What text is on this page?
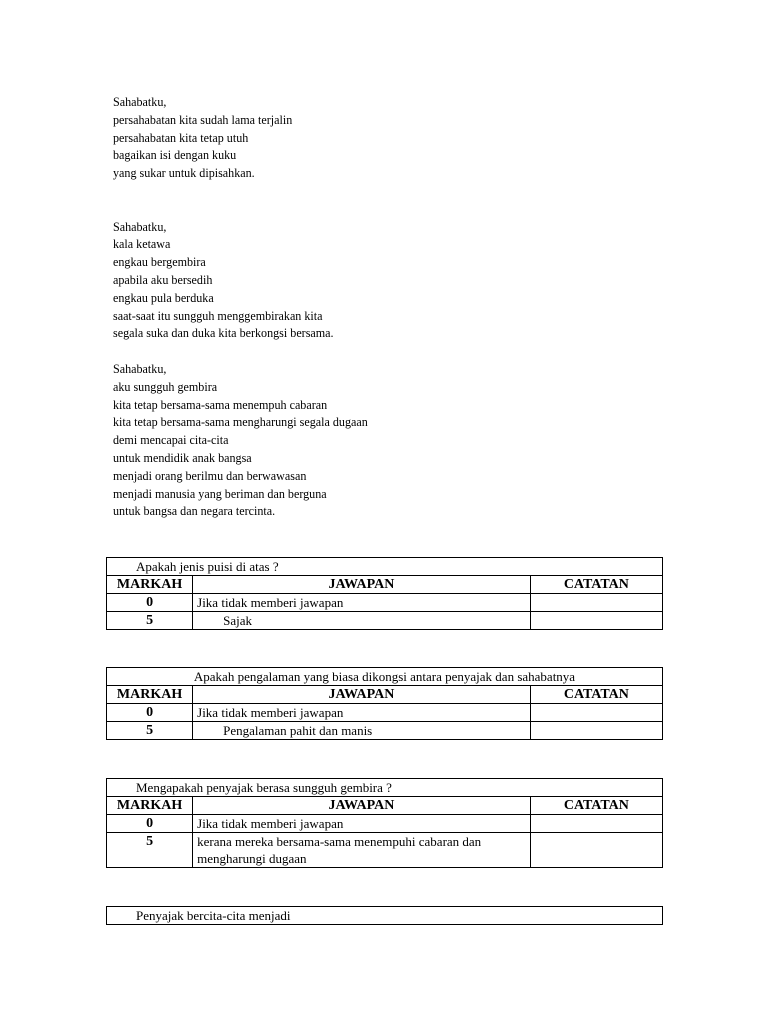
Sahabatku,
persahabatan kita sudah lama terjalin
persahabatan kita tetap utuh
bagaikan isi dengan kuku
yang sukar untuk dipisahkan.

Sahabatku,
kala ketawa
engkau bergembira
apabila aku bersedih
engkau pula berduka
saat-saat itu sungguh menggembirakan kita
segala suka dan duka kita berkongsi bersama.

Sahabatku,
aku sungguh gembira
kita tetap bersama-sama menempuh cabaran
kita tetap bersama-sama mengharungi segala dugaan
demi mencapai cita-cita
untuk mendidik anak bangsa
menjadi orang berilmu dan berwawasan
menjadi manusia yang beriman dan berguna
untuk bangsa dan negara tercinta.

Apakah jenis puisi di atas ?		
MARKAH	JAWAPAN	CATATAN
0	Jika tidak memberi jawapan	
5	Sajak	
Apakah pengalaman yang biasa dikongsi antara penyajak dan sahabatnya		
MARKAH	JAWAPAN	CATATAN
0	Jika tidak memberi jawapan	
5	Pengalaman pahit dan manis	
Mengapakah penyajak berasa sungguh gembira ?		
MARKAH	JAWAPAN	CATATAN
0	Jika tidak memberi jawapan	
5	kerana mereka bersama-sama menempuhi cabaran dan mengharungi dugaan	
Penyajak bercita-cita menjadi
